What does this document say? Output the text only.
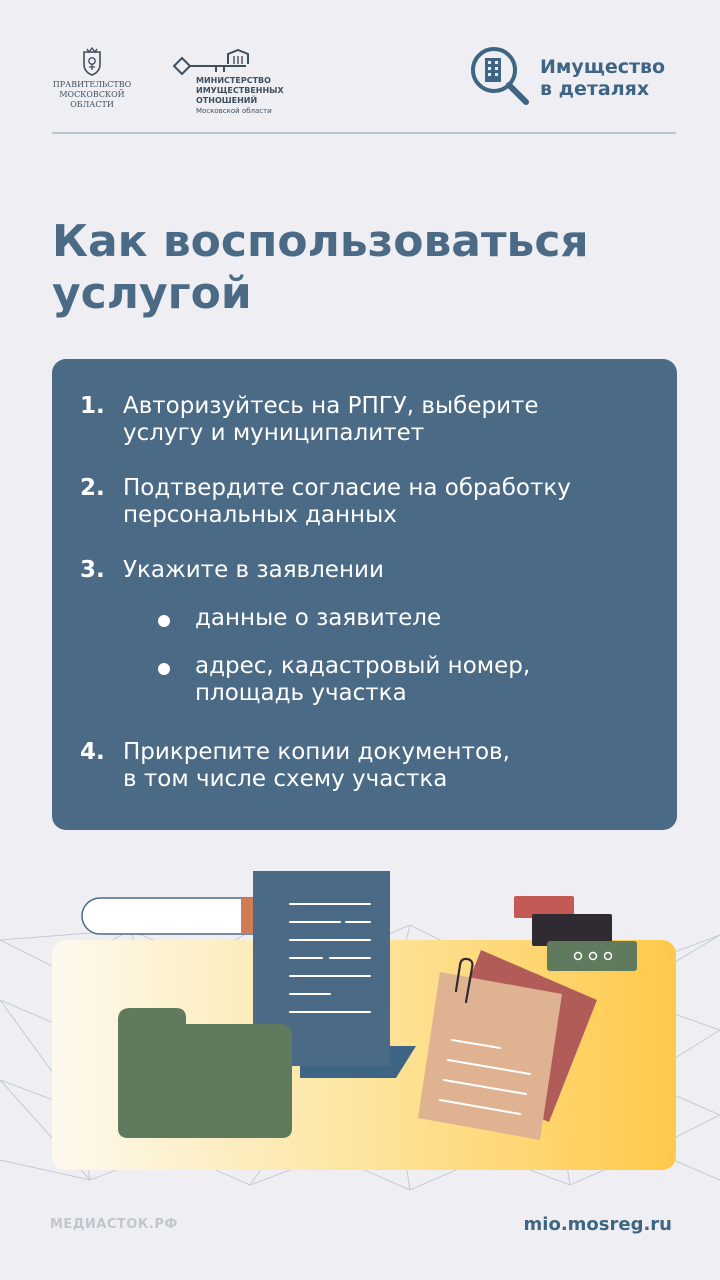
ПРАВИТЕЛЬСТВО
МОСКОВСКОЙ
ОБЛАСТИ
МИНИСТЕРСТВО
ИМУЩЕСТВЕННЫХ
ОТНОШЕНИЙ
Московской области
Имущество
в деталях
Как воспользоваться
услугой
1. Авторизуйтесь на РПГУ, выберите
услугу и муниципалитет
2. Подтвердите согласие на обработку
персональных данных
3. Укажите в заявлении
данные о заявителе
адрес, кадастровый номер,
площадь участка
4. Прикрепите копии документов,
в том числе схему участка
МЕДИАСТОК.РФ	mio.mosreg.ru
